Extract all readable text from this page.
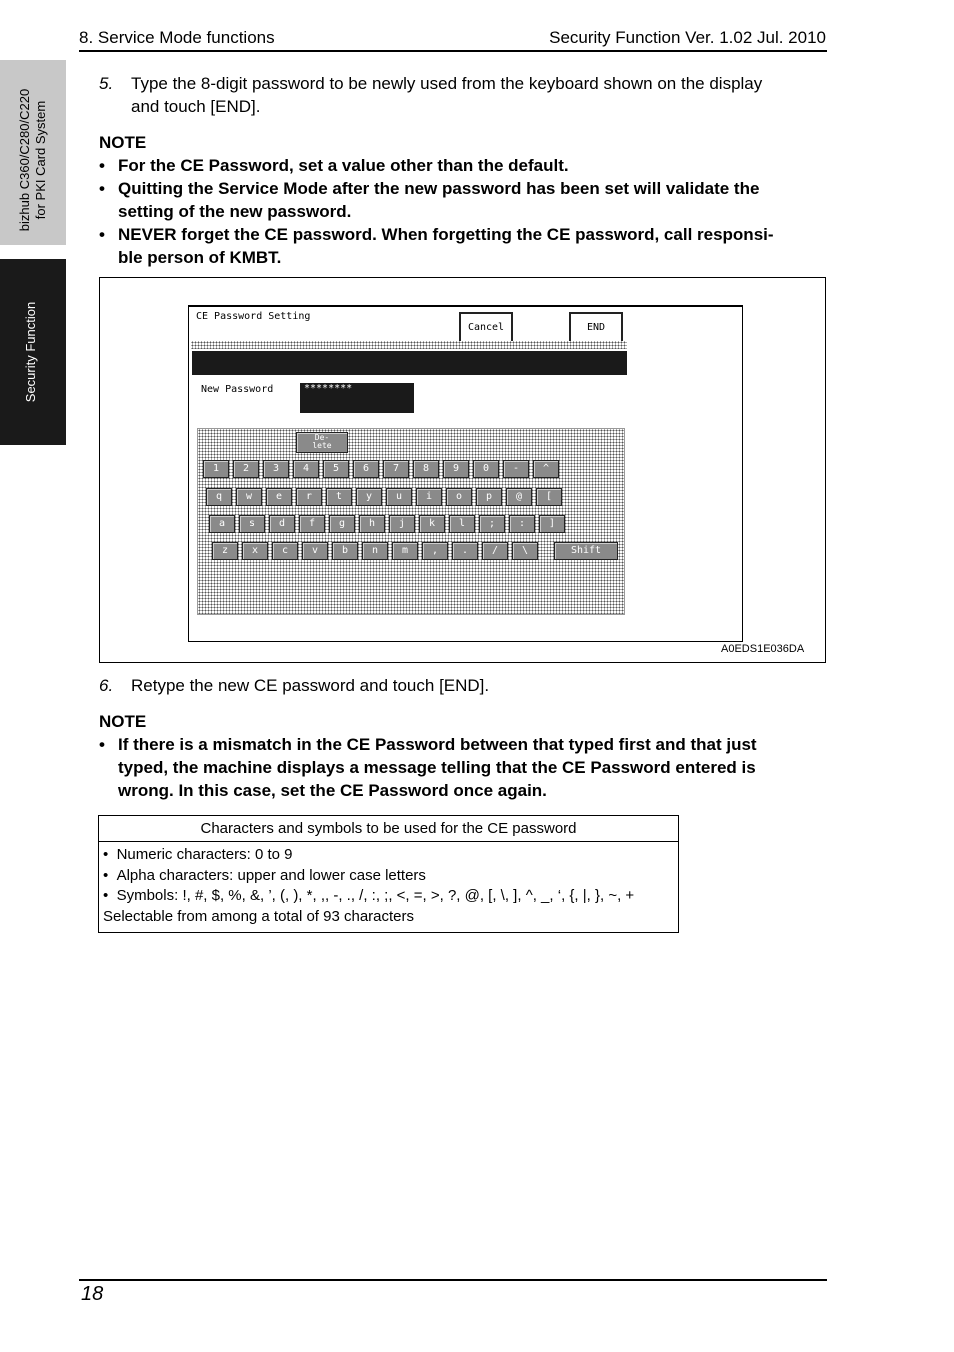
8. Service Mode functions	Security Function Ver. 1.02 Jul. 2010
bizhub C360/C280/C220
for PKI Card System
Security Function
5. Type the 8-digit password to be newly used from the keyboard shown on the display
and touch [END].
NOTE
• For the CE Password, set a value other than the default.
• Quitting the Service Mode after the new password has been set will validate the
setting of the new password.
• NEVER forget the CE password. When forgetting the CE password, call responsi-
ble person of KMBT.
CE Password Setting
Cancel	END
New Password	********
De-
lete
1	2	3	4	5	6	7	8	9	0	-	^
q	w	e	r	t	y	u	i	o	p	@	[
a	s	d	f	g	h	j	k	l	;	:	]
z	x	c	v	b	n	m	,	.	/	\	Shift
A0EDS1E036DA
6. Retype the new CE password and touch [END].
NOTE
• If there is a mismatch in the CE Password between that typed first and that just
typed, the machine displays a message telling that the CE Password entered is
wrong. In this case, set the CE Password once again.
Characters and symbols to be used for the CE password

•  Numeric characters: 0 to 9
•  Alpha characters: upper and lower case letters
•  Symbols: !, #, $, %, &, ’, (, ), *, ,, -, ., /, :, ;, <, =, >, ?, @, [, \, ], ^, _, ‘, {, |, }, ~, +
Selectable from among a total of 93 characters
18
